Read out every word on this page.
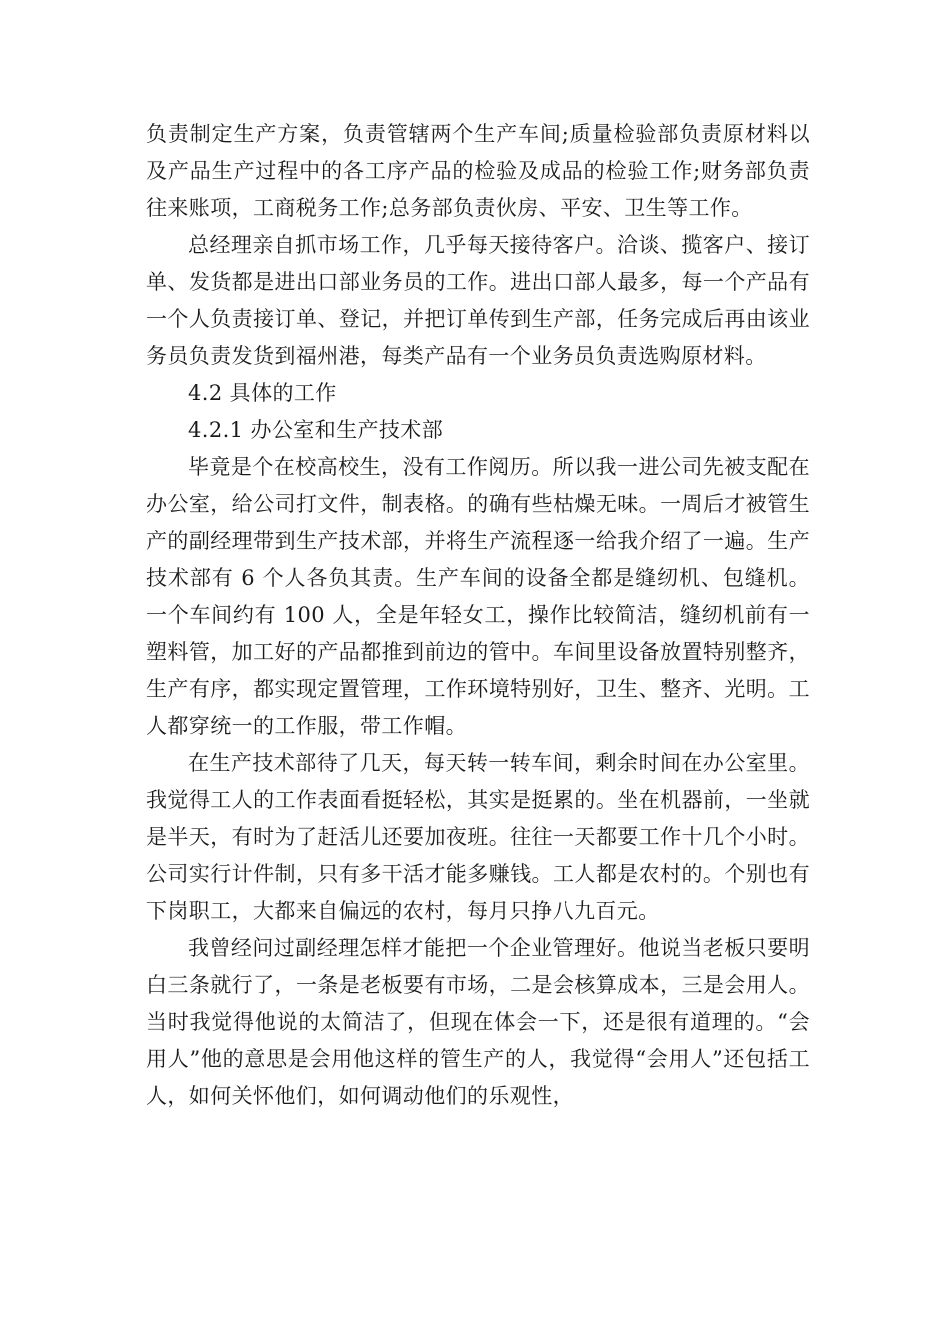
负责制定生产方案，负责管辖两个生产车间;质量检验部负责原材料以及产品生产过程中的各工序产品的检验及成品的检验工作;财务部负责往来账项，工商税务工作;总务部负责伙房、平安、卫生等工作。

总经理亲自抓市场工作，几乎每天接待客户。洽谈、揽客户、接订单、发货都是进出口部业务员的工作。进出口部人最多，每一个产品有一个人负责接订单、登记，并把订单传到生产部，任务完成后再由该业务员负责发货到福州港，每类产品有一个业务员负责选购原材料。

4.2 具体的工作

4.2.1 办公室和生产技术部

毕竟是个在校高校生，没有工作阅历。所以我一进公司先被支配在办公室，给公司打文件，制表格。的确有些枯燥无味。一周后才被管生产的副经理带到生产技术部，并将生产流程逐一给我介绍了一遍。生产技术部有 6 个人各负其责。生产车间的设备全都是缝纫机、包缝机。一个车间约有 100 人，全是年轻女工，操作比较简洁，缝纫机前有一塑料管，加工好的产品都推到前边的管中。车间里设备放置特别整齐，生产有序，都实现定置管理，工作环境特别好，卫生、整齐、光明。工人都穿统一的工作服，带工作帽。

在生产技术部待了几天，每天转一转车间，剩余时间在办公室里。我觉得工人的工作表面看挺轻松，其实是挺累的。坐在机器前，一坐就是半天，有时为了赶活儿还要加夜班。往往一天都要工作十几个小时。公司实行计件制，只有多干活才能多赚钱。工人都是农村的。个别也有下岗职工，大都来自偏远的农村，每月只挣八九百元。

我曾经问过副经理怎样才能把一个企业管理好。他说当老板只要明白三条就行了，一条是老板要有市场，二是会核算成本，三是会用人。当时我觉得他说的太简洁了，但现在体会一下，还是很有道理的。“会用人”他的意思是会用他这样的管生产的人，我觉得“会用人”还包括工人，如何关怀他们，如何调动他们的乐观性，
